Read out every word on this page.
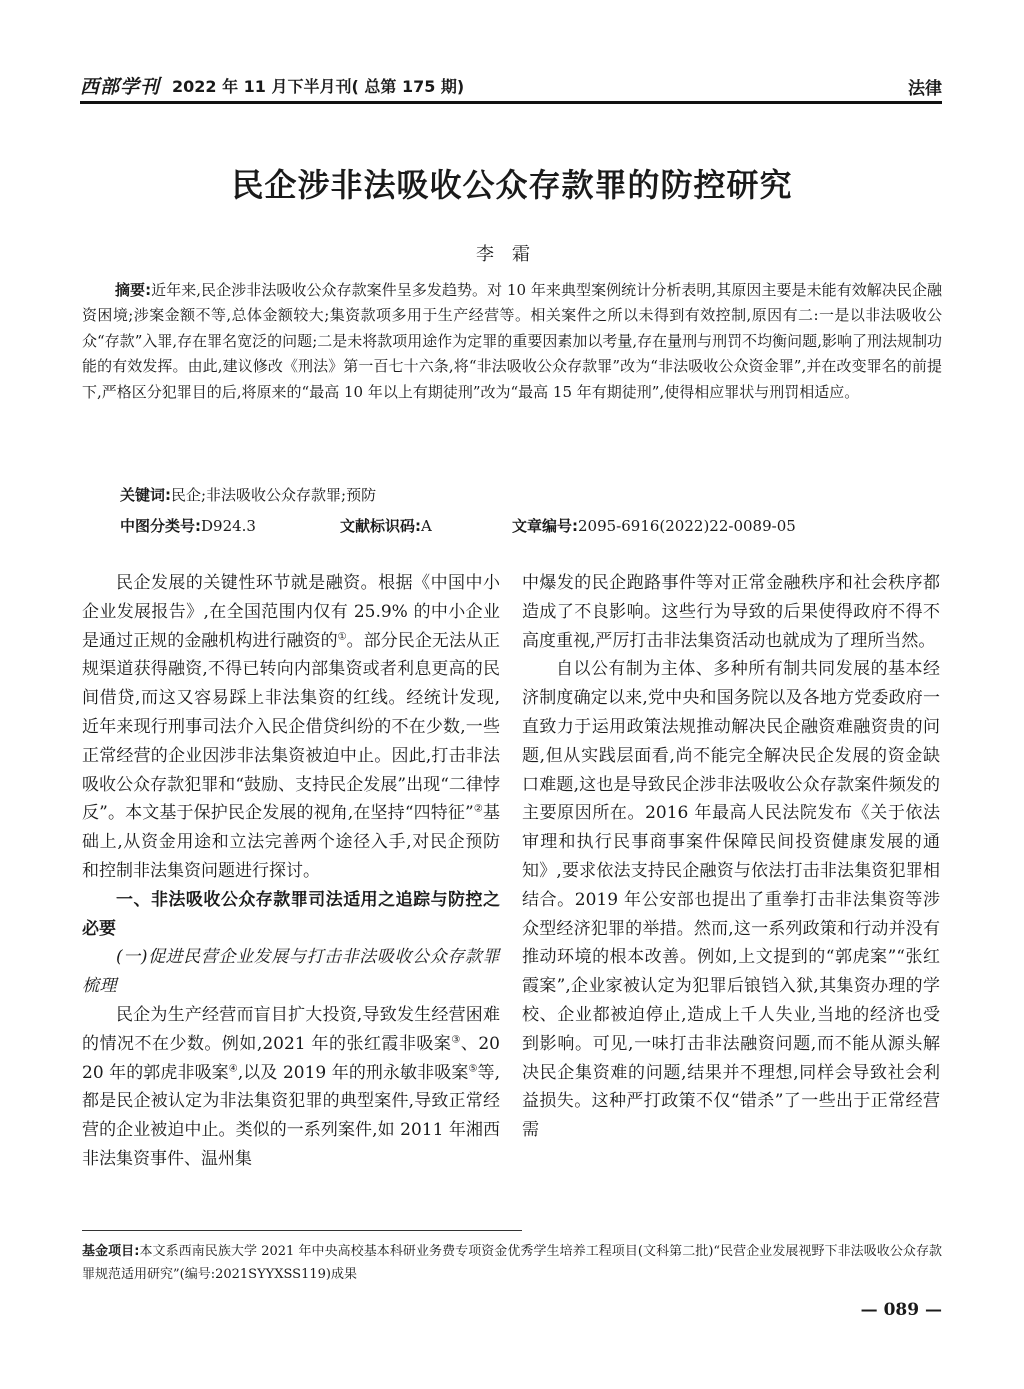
西部学刊 2022 年 11 月下半月刊( 总第 175 期)	法律
民企涉非法吸收公众存款罪的防控研究
李霜

摘要:近年来,民企涉非法吸收公众存款案件呈多发趋势。对 10 年来典型案例统计分析表明,其原因主要是未能有效解决民企融资困境;涉案金额不等,总体金额较大;集资款项多用于生产经营等。相关案件之所以未得到有效控制,原因有二:一是以非法吸收公众“存款”入罪,存在罪名宽泛的问题;二是未将款项用途作为定罪的重要因素加以考量,存在量刑与刑罚不均衡问题,影响了刑法规制功能的有效发挥。由此,建议修改《刑法》第一百七十六条,将“非法吸收公众存款罪”改为“非法吸收公众资金罪”,并在改变罪名的前提下,严格区分犯罪目的后,将原来的“最高 10 年以上有期徒刑”改为“最高 15 年有期徒刑”,使得相应罪状与刑罚相适应。

关键词:民企;非法吸收公众存款罪;预防
中图分类号:D924.3	文献标识码:A	文章编号:2095-6916(2022)22-0089-05

民企发展的关键性环节就是融资。根据《中国中小企业发展报告》,在全国范围内仅有 25.9% 的中小企业是通过正规的金融机构进行融资的①。部分民企无法从正规渠道获得融资,不得已转向内部集资或者利息更高的民间借贷,而这又容易踩上非法集资的红线。经统计发现,近年来现行刑事司法介入民企借贷纠纷的不在少数,一些正常经营的企业因涉非法集资被迫中止。因此,打击非法吸收公众存款犯罪和“鼓励、支持民企发展”出现“二律悖反”。本文基于保护民企发展的视角,在坚持“四特征”②基础上,从资金用途和立法完善两个途径入手,对民企预防和控制非法集资问题进行探讨。

一、非法吸收公众存款罪司法适用之追踪与防控之必要
(一)促进民营企业发展与打击非法吸收公众存款罪梳理

民企为生产经营而盲目扩大投资,导致发生经营困难的情况不在少数。例如,2021 年的张红霞非吸案③、2020 年的郭虎非吸案④,以及 2019 年的刑永敏非吸案⑤等,都是民企被认定为非法集资犯罪的典型案件,导致正常经营的企业被迫中止。类似的一系列案件,如 2011 年湘西非法集资事件、温州集

中爆发的民企跑路事件等对正常金融秩序和社会秩序都造成了不良影响。这些行为导致的后果使得政府不得不高度重视,严厉打击非法集资活动也就成为了理所当然。

自以公有制为主体、多种所有制共同发展的基本经济制度确定以来,党中央和国务院以及各地方党委政府一直致力于运用政策法规推动解决民企融资难融资贵的问题,但从实践层面看,尚不能完全解决民企发展的资金缺口难题,这也是导致民企涉非法吸收公众存款案件频发的主要原因所在。2016 年最高人民法院发布《关于依法审理和执行民事商事案件保障民间投资健康发展的通知》,要求依法支持民企融资与依法打击非法集资犯罪相结合。2019 年公安部也提出了重拳打击非法集资等涉众型经济犯罪的举措。然而,这一系列政策和行动并没有推动环境的根本改善。例如,上文提到的“郭虎案”“张红霞案”,企业家被认定为犯罪后锒铛入狱,其集资办理的学校、企业都被迫停止,造成上千人失业,当地的经济也受到影响。可见,一味打击非法融资问题,而不能从源头解决民企集资难的问题,结果并不理想,同样会导致社会利益损失。这种严打政策不仅“错杀”了一些出于正常经营需

基金项目:本文系西南民族大学 2021 年中央高校基本科研业务费专项资金优秀学生培养工程项目(文科第二批)“民营企业发展视野下非法吸收公众存款罪规范适用研究”(编号:2021SYYXSS119)成果
— 089 —
